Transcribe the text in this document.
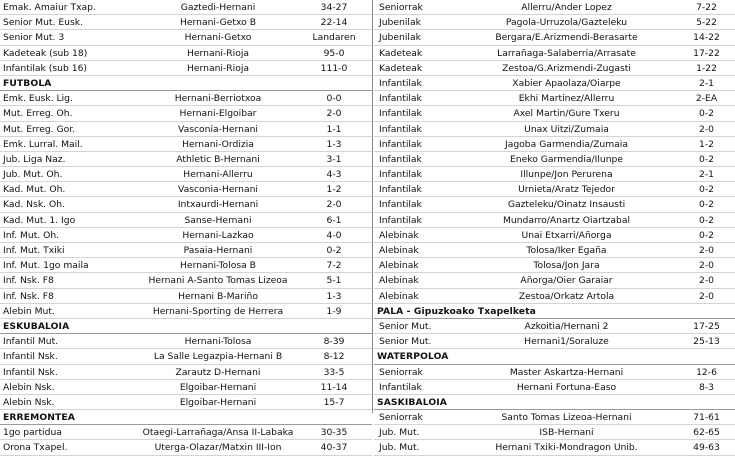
Emak. Amaiur Txap.	Gaztedi-Hernani	34-27
Senior Mut. Eusk.	Hernani-Getxo B	22-14
Senior Mut. 3	Hernani-Getxo	Landaren
Kadeteak (sub 18)	Hernani-Rioja	95-0
Infantilak (sub 16)	Hernani-Rioja	111-0
FUTBOLA
Emk. Eusk. Lig.	Hernani-Berriotxoa	0-0
Mut. Erreg. Oh.	Hernani-Elgoibar	2-0
Mut. Erreg. Gor.	Vasconia-Hernani	1-1
Emk. Lurral. Mail.	Hernani-Ordizia	1-3
Jub. Liga Naz.	Athletic B-Hernani	3-1
Jub. Mut. Oh.	Hernani-Allerru	4-3
Kad. Mut. Oh.	Vasconia-Hernani	1-2
Kad. Nsk. Oh.	Intxaurdi-Hernani	2-0
Kad. Mut. 1. Igo	Sanse-Hernani	6-1
Inf. Mut. Oh.	Hernani-Lazkao	4-0
Inf. Mut. Txiki	Pasaia-Hernani	0-2
Inf. Mut. 1go maila	Hernani-Tolosa B	7-2
Inf. Nsk. F8	Hernani A-Santo Tomas Lizeoa	5-1
Inf. Nsk. F8	Hernani B-Mariño	1-3
Alebin Mut.	Hernani-Sporting de Herrera	1-9
ESKUBALOIA
Infantil Mut.	Hernani-Tolosa	8-39
Infantil Nsk.	La Salle Legazpia-Hernani B	8-12
Infantil Nsk.	Zarautz D-Hernani	33-5
Alebin Nsk.	Elgoibar-Hernani	11-14
Alebin Nsk.	Elgoibar-Hernani	15-7
ERREMONTEA
1go partidua	Otaegi-Larrañaga/Ansa II-Labaka	30-35
Orona Txapel.	Uterga-Olazar/Matxin III-Ion	40-37
Seniorrak	Allerru/Ander Lopez	7-22
Jubenilak	Pagola-Urruzola/Gazteleku	5-22
Jubenilak	Bergara/E.Arizmendi-Berasarte	14-22
Kadeteak	Larrañaga-Salaberria/Arrasate	17-22
Kadeteak	Zestoa/G.Arizmendi-Zugasti	1-22
Infantilak	Xabier Apaolaza/Oiarpe	2-1
Infantilak	Ekhi Martinez/Allerru	2-EA
Infantilak	Axel Martin/Gure Txeru	0-2
Infantilak	Unax Uitzi/Zumaia	2-0
Infantilak	Jagoba Garmendia/Zumaia	1-2
Infantilak	Eneko Garmendia/Ilunpe	0-2
Infantilak	Illunpe/Jon Perurena	2-1
Infantilak	Urnieta/Aratz Tejedor	0-2
Infantilak	Gazteleku/Oinatz Insausti	0-2
Infantilak	Mundarro/Anartz Oiartzabal	0-2
Alebinak	Unai Etxarri/Añorga	0-2
Alebinak	Tolosa/Iker Egaña	2-0
Alebinak	Tolosa/Jon Jara	2-0
Alebinak	Añorga/Oier Garaiar	2-0
Alebinak	Zestoa/Orkatz Artola	2-0
PALA - Gipuzkoako Txapelketa
Senior Mut.	Azkoitia/Hernani 2	17-25
Senior Mut.	Hernani1/Soraluze	25-13
WATERPOLOA
Seniorrak	Master Askartza-Hernani	12-6
Infantilak	Hernani Fortuna-Easo	8-3
SASKIBALOIA
Seniorrak	Santo Tomas Lizeoa-Hernani	71-61
Jub. Mut.	ISB-Hernani	62-65
Jub. Mut.	Hernani Txiki-Mondragon Unib.	49-63
